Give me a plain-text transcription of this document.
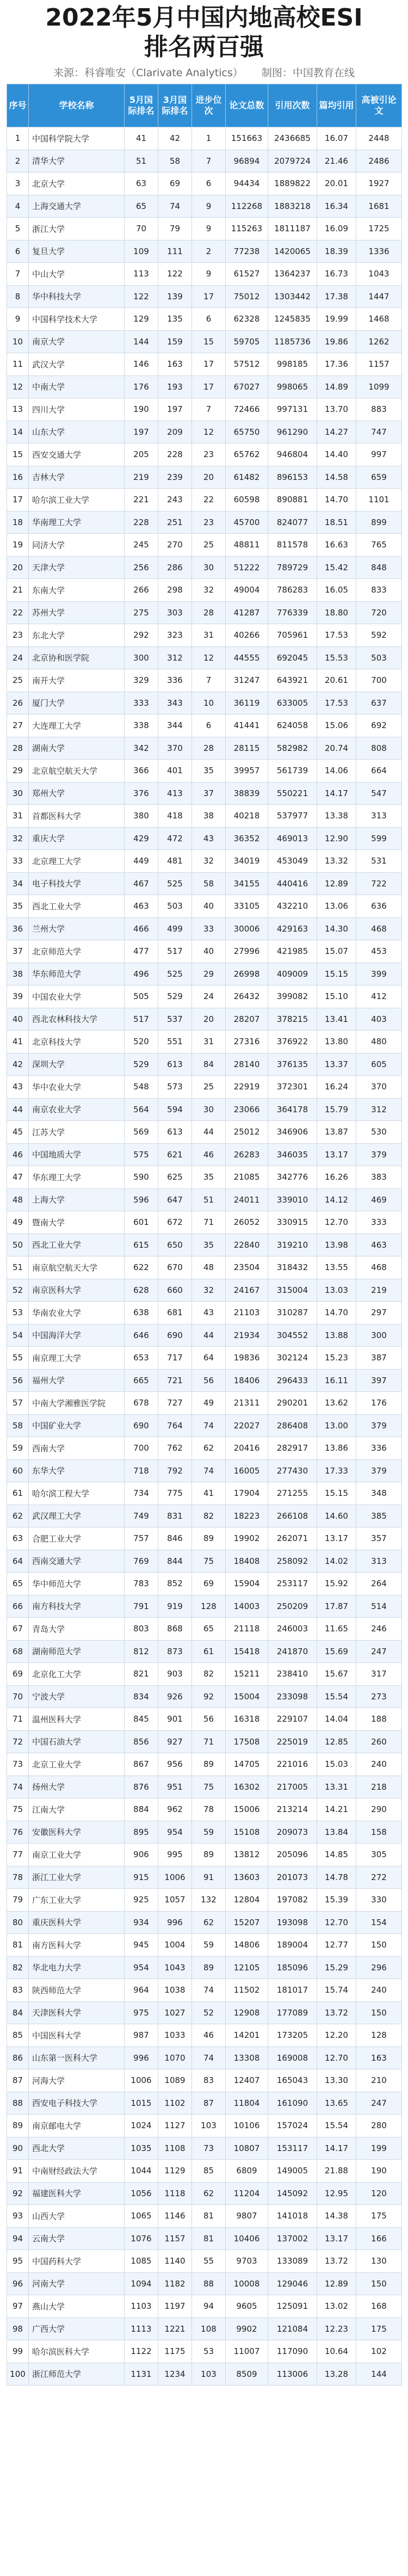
2022年5月中国内地高校ESI
排名两百强
来源：科睿唯安（Clarivate Analytics） 制图：中国教育在线
序号	学校名称	5月国际排名	3月国际排名	进步位次	论文总数	引用次数	篇均引用	高被引论文
1	中国科学院大学	41	42	1	151663	2436685	16.07	2448
2	清华大学	51	58	7	96894	2079724	21.46	2486
3	北京大学	63	69	6	94434	1889822	20.01	1927
4	上海交通大学	65	74	9	112268	1883218	16.34	1681
5	浙江大学	70	79	9	115263	1811187	16.09	1725
6	复旦大学	109	111	2	77238	1420065	18.39	1336
7	中山大学	113	122	9	61527	1364237	16.73	1043
8	华中科技大学	122	139	17	75012	1303442	17.38	1447
9	中国科学技术大学	129	135	6	62328	1245835	19.99	1468
10	南京大学	144	159	15	59705	1185736	19.86	1262
11	武汉大学	146	163	17	57512	998185	17.36	1157
12	中南大学	176	193	17	67027	998065	14.89	1099
13	四川大学	190	197	7	72466	997131	13.70	883
14	山东大学	197	209	12	65750	961290	14.27	747
15	西安交通大学	205	228	23	65762	946804	14.40	997
16	吉林大学	219	239	20	61482	896153	14.58	659
17	哈尔滨工业大学	221	243	22	60598	890881	14.70	1101
18	华南理工大学	228	251	23	45700	824077	18.51	899
19	同济大学	245	270	25	48811	811578	16.63	765
20	天津大学	256	286	30	51222	789729	15.42	848
21	东南大学	266	298	32	49004	786283	16.05	833
22	苏州大学	275	303	28	41287	776339	18.80	720
23	东北大学	292	323	31	40266	705961	17.53	592
24	北京协和医学院	300	312	12	44555	692045	15.53	503
25	南开大学	329	336	7	31247	643921	20.61	700
26	厦门大学	333	343	10	36119	633005	17.53	637
27	大连理工大学	338	344	6	41441	624058	15.06	692
28	湖南大学	342	370	28	28115	582982	20.74	808
29	北京航空航天大学	366	401	35	39957	561739	14.06	664
30	郑州大学	376	413	37	38839	550221	14.17	547
31	首都医科大学	380	418	38	40218	537977	13.38	313
32	重庆大学	429	472	43	36352	469013	12.90	599
33	北京理工大学	449	481	32	34019	453049	13.32	531
34	电子科技大学	467	525	58	34155	440416	12.89	722
35	西北工业大学	463	503	40	33105	432210	13.06	636
36	兰州大学	466	499	33	30006	429163	14.30	468
37	北京师范大学	477	517	40	27996	421985	15.07	453
38	华东师范大学	496	525	29	26998	409009	15.15	399
39	中国农业大学	505	529	24	26432	399082	15.10	412
40	西北农林科技大学	517	537	20	28207	378215	13.41	403
41	北京科技大学	520	551	31	27316	376922	13.80	480
42	深圳大学	529	613	84	28140	376135	13.37	605
43	华中农业大学	548	573	25	22919	372301	16.24	370
44	南京农业大学	564	594	30	23066	364178	15.79	312
45	江苏大学	569	613	44	25012	346906	13.87	530
46	中国地质大学	575	621	46	26283	346035	13.17	379
47	华东理工大学	590	625	35	21085	342776	16.26	383
48	上海大学	596	647	51	24011	339010	14.12	469
49	暨南大学	601	672	71	26052	330915	12.70	333
50	西北工业大学	615	650	35	22840	319210	13.98	463
51	南京航空航天大学	622	670	48	23504	318432	13.55	468
52	南京医科大学	628	660	32	24167	315004	13.03	219
53	华南农业大学	638	681	43	21103	310287	14.70	297
54	中国海洋大学	646	690	44	21934	304552	13.88	300
55	南京理工大学	653	717	64	19836	302124	15.23	387
56	福州大学	665	721	56	18406	296433	16.11	397
57	中南大学湘雅医学院	678	727	49	21311	290201	13.62	176
58	中国矿业大学	690	764	74	22027	286408	13.00	379
59	西南大学	700	762	62	20416	282917	13.86	336
60	东华大学	718	792	74	16005	277430	17.33	379
61	哈尔滨工程大学	734	775	41	17904	271255	15.15	348
62	武汉理工大学	749	831	82	18223	266108	14.60	385
63	合肥工业大学	757	846	89	19902	262071	13.17	357
64	西南交通大学	769	844	75	18408	258092	14.02	313
65	华中师范大学	783	852	69	15904	253117	15.92	264
66	南方科技大学	791	919	128	14003	250209	17.87	514
67	青岛大学	803	868	65	21118	246003	11.65	246
68	湖南师范大学	812	873	61	15418	241870	15.69	247
69	北京化工大学	821	903	82	15211	238410	15.67	317
70	宁波大学	834	926	92	15004	233098	15.54	273
71	温州医科大学	845	901	56	16318	229107	14.04	188
72	中国石油大学	856	927	71	17508	225019	12.85	260
73	北京工业大学	867	956	89	14705	221016	15.03	240
74	扬州大学	876	951	75	16302	217005	13.31	218
75	江南大学	884	962	78	15006	213214	14.21	290
76	安徽医科大学	895	954	59	15108	209073	13.84	158
77	南京工业大学	906	995	89	13812	205096	14.85	305
78	浙江工业大学	915	1006	91	13603	201073	14.78	272
79	广东工业大学	925	1057	132	12804	197082	15.39	330
80	重庆医科大学	934	996	62	15207	193098	12.70	154
81	南方医科大学	945	1004	59	14806	189004	12.77	150
82	华北电力大学	954	1043	89	12105	185096	15.29	296
83	陕西师范大学	964	1038	74	11502	181017	15.74	240
84	天津医科大学	975	1027	52	12908	177089	13.72	150
85	中国医科大学	987	1033	46	14201	173205	12.20	128
86	山东第一医科大学	996	1070	74	13308	169008	12.70	163
87	河海大学	1006	1089	83	12407	165043	13.30	210
88	西安电子科技大学	1015	1102	87	11804	161090	13.65	247
89	南京邮电大学	1024	1127	103	10106	157024	15.54	280
90	西北大学	1035	1108	73	10807	153117	14.17	199
91	中南财经政法大学	1044	1129	85	6809	149005	21.88	190
92	福建医科大学	1056	1118	62	11204	145092	12.95	120
93	山西大学	1065	1146	81	9807	141018	14.38	175
94	云南大学	1076	1157	81	10406	137002	13.17	166
95	中国药科大学	1085	1140	55	9703	133089	13.72	130
96	河南大学	1094	1182	88	10008	129046	12.89	150
97	燕山大学	1103	1197	94	9605	125091	13.02	168
98	广西大学	1113	1221	108	9902	121084	12.23	175
99	哈尔滨医科大学	1122	1175	53	11007	117090	10.64	102
100	浙江师范大学	1131	1234	103	8509	113006	13.28	144
